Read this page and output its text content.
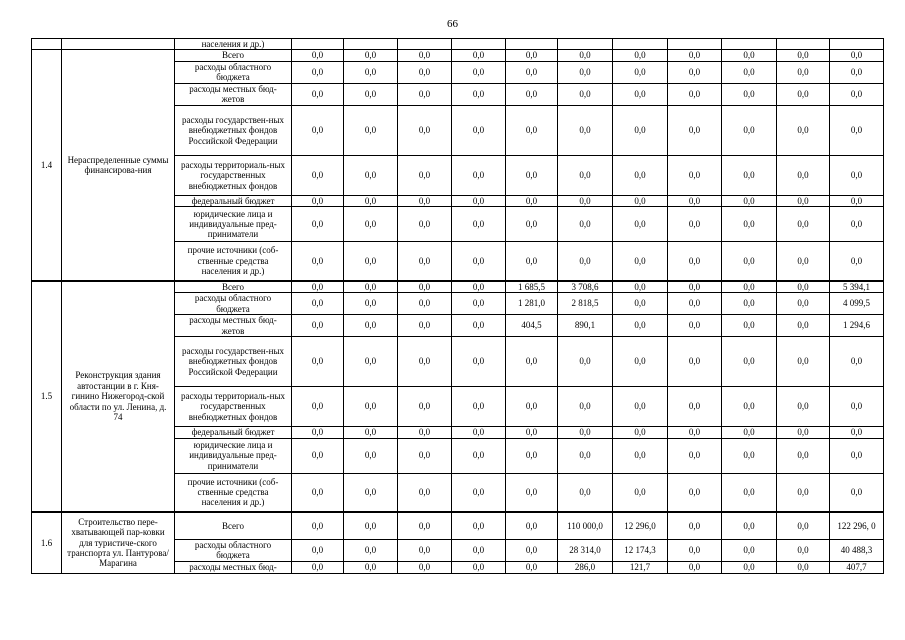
66
		населения и др.)											
1.4	Нераспределенные суммы финансирова-ния	Всего	0,0	0,0	0,0	0,0	0,0	0,0	0,0	0,0	0,0	0,0	0,0
		расходы областного бюджета	0,0	0,0	0,0	0,0	0,0	0,0	0,0	0,0	0,0	0,0	0,0
		расходы местных бюд-жетов	0,0	0,0	0,0	0,0	0,0	0,0	0,0	0,0	0,0	0,0	0,0
		расходы государствен-ных внебюджетных фондов Российской Федерации	0,0	0,0	0,0	0,0	0,0	0,0	0,0	0,0	0,0	0,0	0,0
		расходы территориаль-ных государственных внебюджетных фондов	0,0	0,0	0,0	0,0	0,0	0,0	0,0	0,0	0,0	0,0	0,0
		федеральный бюджет	0,0	0,0	0,0	0,0	0,0	0,0	0,0	0,0	0,0	0,0	0,0
		юридические лица и индивидуальные пред-приниматели	0,0	0,0	0,0	0,0	0,0	0,0	0,0	0,0	0,0	0,0	0,0
		прочие источники (соб-ственные средства населения и др.)	0,0	0,0	0,0	0,0	0,0	0,0	0,0	0,0	0,0	0,0	0,0
1.5	Реконструкция здания автостанции в г. Кня-гинино Нижегород-ской области по ул. Ленина, д. 74	Всего	0,0	0,0	0,0	0,0	1 685,5	3 708,6	0,0	0,0	0,0	0,0	5 394,1
		расходы областного бюджета	0,0	0,0	0,0	0,0	1 281,0	2 818,5	0,0	0,0	0,0	0,0	4 099,5
		расходы местных бюд-жетов	0,0	0,0	0,0	0,0	404,5	890,1	0,0	0,0	0,0	0,0	1 294,6
		расходы государствен-ных внебюджетных фондов Российской Федерации	0,0	0,0	0,0	0,0	0,0	0,0	0,0	0,0	0,0	0,0	0,0
		расходы территориаль-ных государственных внебюджетных фондов	0,0	0,0	0,0	0,0	0,0	0,0	0,0	0,0	0,0	0,0	0,0
		федеральный бюджет	0,0	0,0	0,0	0,0	0,0	0,0	0,0	0,0	0,0	0,0	0,0
		юридические лица и индивидуальные пред-приниматели	0,0	0,0	0,0	0,0	0,0	0,0	0,0	0,0	0,0	0,0	0,0
		прочие источники (соб-ственные средства населения и др.)	0,0	0,0	0,0	0,0	0,0	0,0	0,0	0,0	0,0	0,0	0,0
1.6	Строительство пере-хватывающей пар-ковки для туристиче-ского транспорта ул. Пантурова/Марагина	Всего	0,0	0,0	0,0	0,0	0,0	110 000,0	12 296,0	0,0	0,0	0,0	122 296, 0
		расходы областного бюджета	0,0	0,0	0,0	0,0	0,0	28 314,0	12 174,3	0,0	0,0	0,0	40 488,3
		расходы местных бюд-	0,0	0,0	0,0	0,0	0,0	286,0	121,7	0,0	0,0	0,0	407,7
